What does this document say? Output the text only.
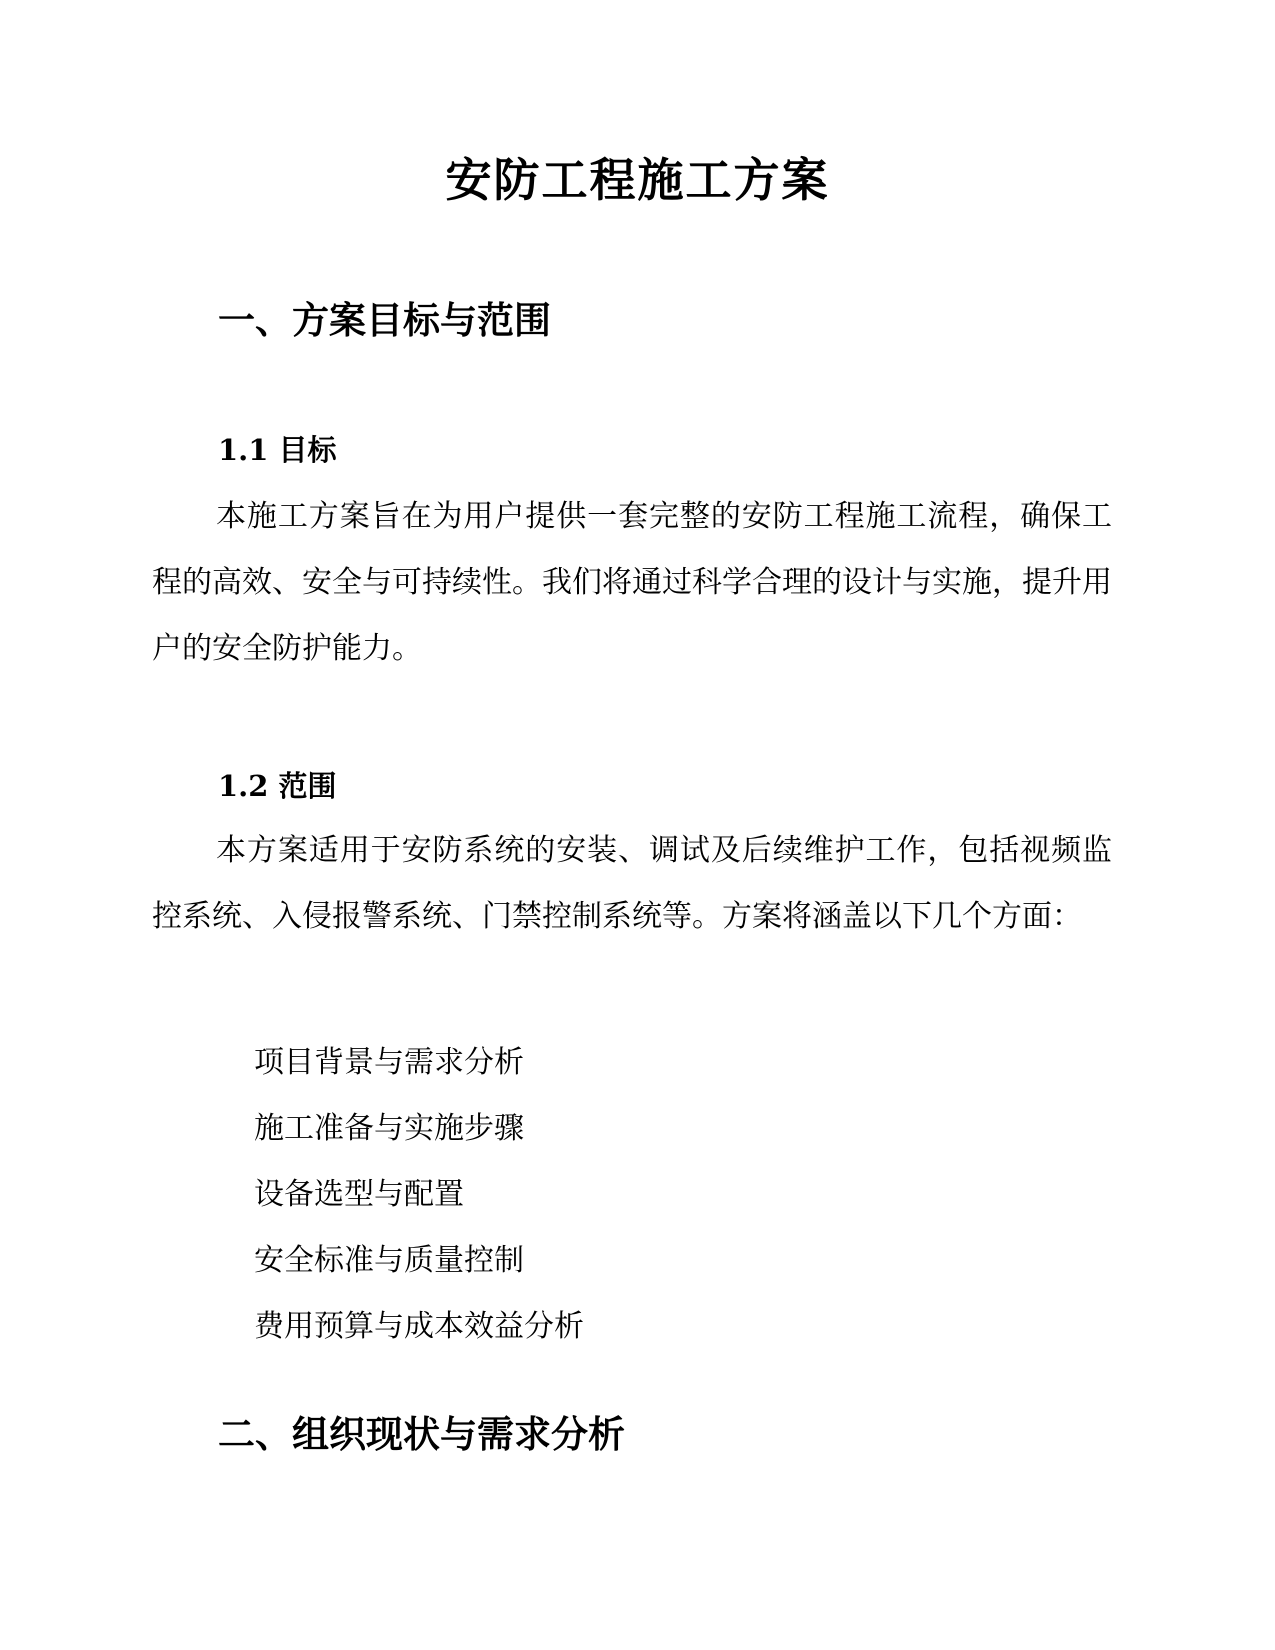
安防工程施工方案
一、方案目标与范围
1.1 目标

本施工方案旨在为用户提供一套完整的安防工程施工流程，确保工程的高效、安全与可持续性。我们将通过科学合理的设计与实施，提升用户的安全防护能力。

1.2 范围

本方案适用于安防系统的安装、调试及后续维护工作，包括视频监控系统、入侵报警系统、门禁控制系统等。方案将涵盖以下几个方面：

项目背景与需求分析
施工准备与实施步骤
设备选型与配置
安全标准与质量控制
费用预算与成本效益分析
二、组织现状与需求分析
